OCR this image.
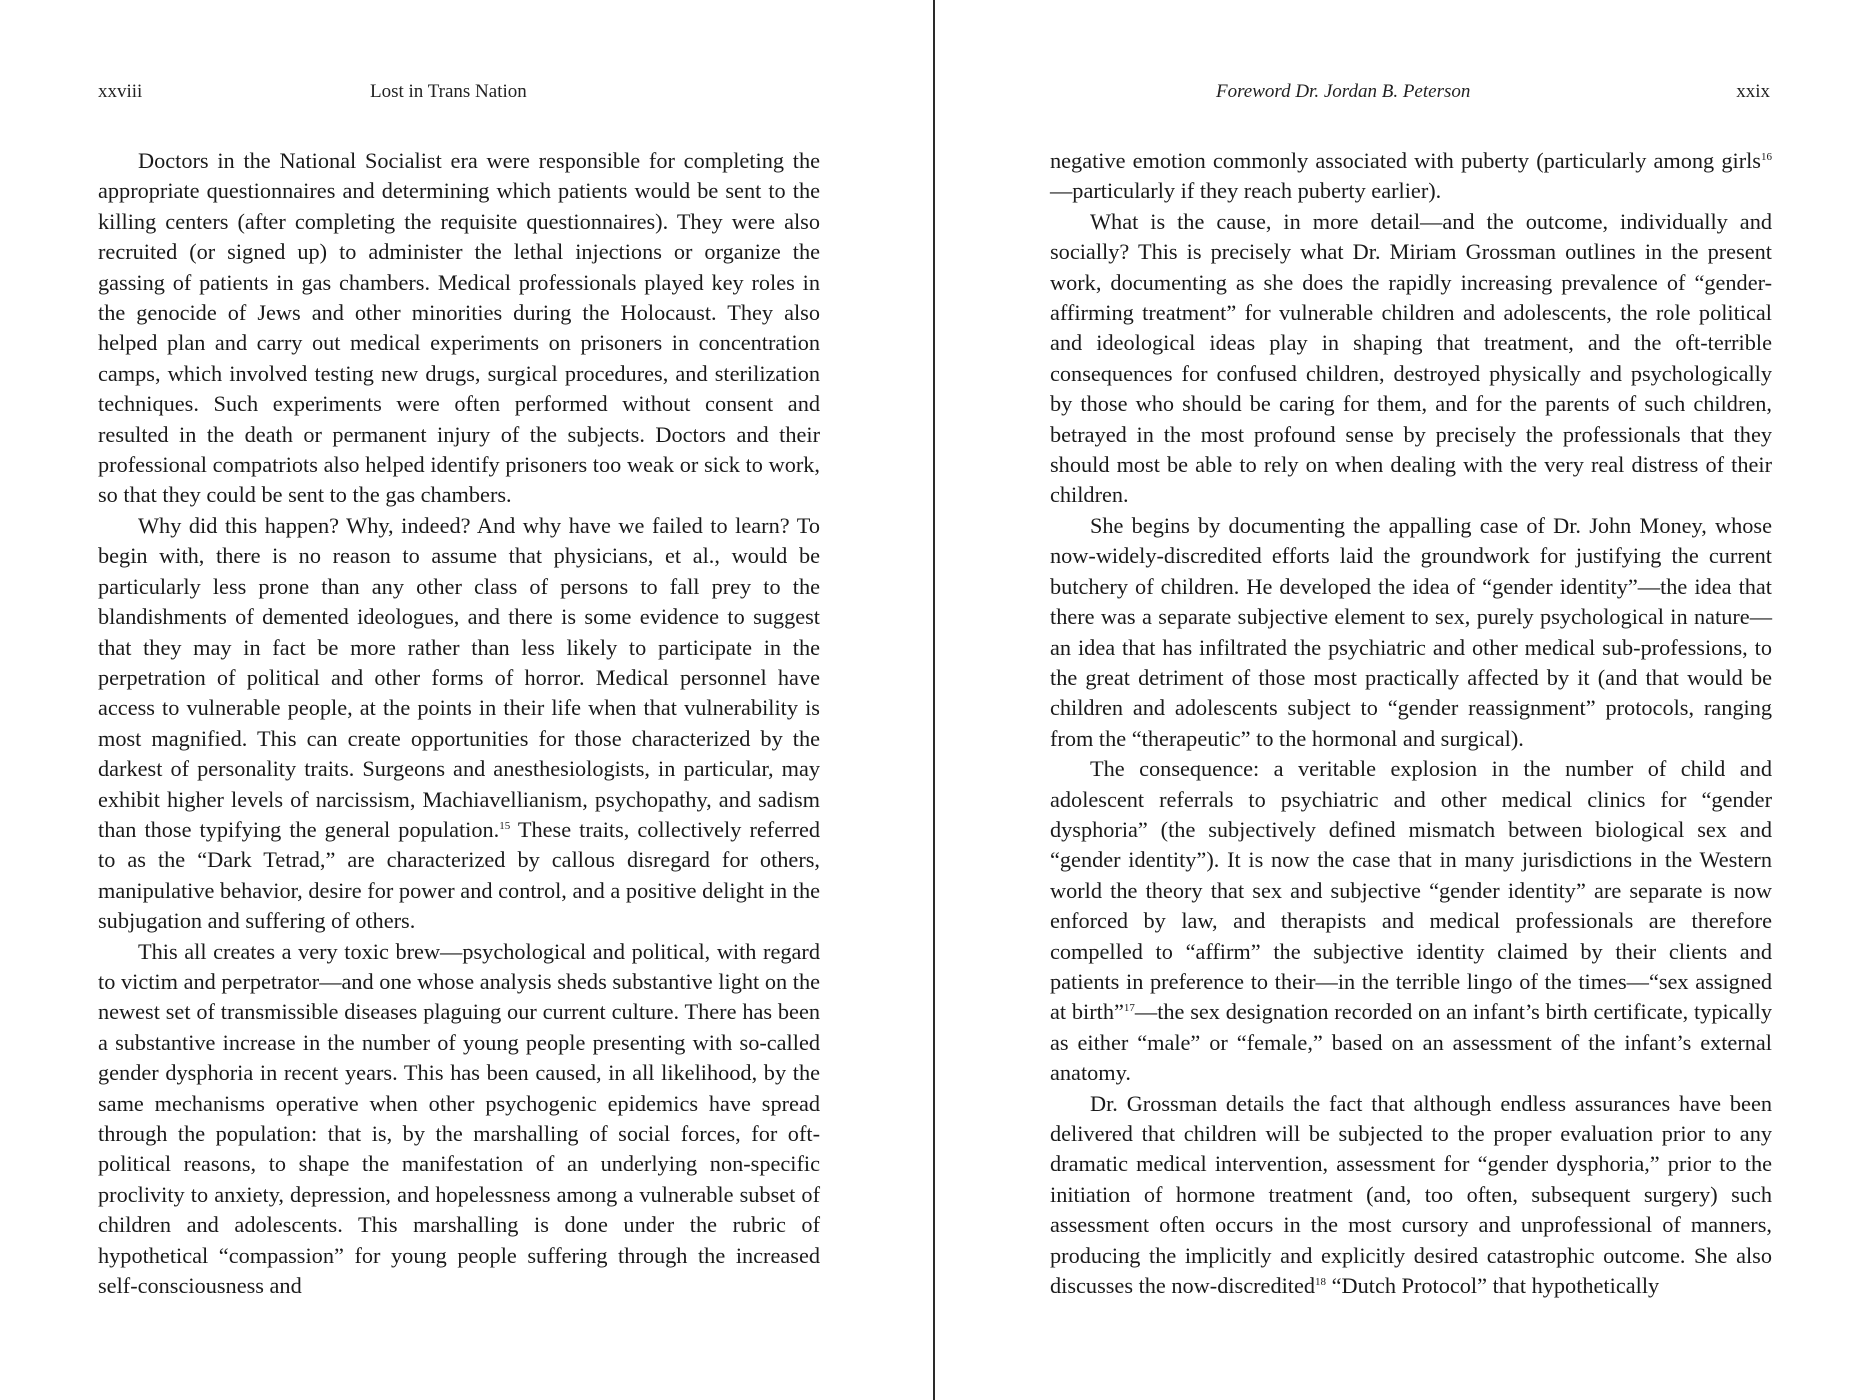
xxviii	Lost in Trans Nation

Doctors in the National Socialist era were responsible for completing the appropriate questionnaires and determining which patients would be sent to the killing centers (after completing the requisite questionnaires). They were also recruited (or signed up) to administer the lethal injections or organize the gassing of patients in gas chambers. Medical professionals played key roles in the genocide of Jews and other minorities during the Holocaust. They also helped plan and carry out medical experiments on prisoners in concentration camps, which involved testing new drugs, surgical procedures, and sterilization techniques. Such experiments were often performed without consent and resulted in the death or permanent injury of the subjects. Doctors and their professional compatriots also helped identify prisoners too weak or sick to work, so that they could be sent to the gas chambers.

Why did this happen? Why, indeed? And why have we failed to learn? To begin with, there is no reason to assume that physicians, et al., would be particularly less prone than any other class of persons to fall prey to the blandishments of demented ideologues, and there is some evidence to suggest that they may in fact be more rather than less likely to participate in the perpetration of political and other forms of horror. Medical personnel have access to vulnerable people, at the points in their life when that vulnerability is most magnified. This can create opportunities for those characterized by the darkest of personality traits. Surgeons and anesthesiologists, in particular, may exhibit higher levels of narcissism, Machiavellianism, psychopathy, and sadism than those typifying the general population.$^{15}$ These traits, collectively referred to as the “Dark Tetrad,” are characterized by callous disregard for others, manipulative behavior, desire for power and control, and a positive delight in the subjugation and suffering of others.

This all creates a very toxic brew—psychological and political, with regard to victim and perpetrator—and one whose analysis sheds substantive light on the newest set of transmissible diseases plaguing our current culture. There has been a substantive increase in the number of young people presenting with so-called gender dysphoria in recent years. This has been caused, in all likelihood, by the same mechanisms operative when other psychogenic epidemics have spread through the population: that is, by the marshalling of social forces, for oft-political reasons, to shape the manifestation of an underlying non-specific proclivity to anxiety, depression, and hopelessness among a vulnerable subset of children and adolescents. This marshalling is done under the rubric of hypothetical “compassion” for young people suffering through the increased self-consciousness and

Foreword Dr. Jordan B. Peterson	xxix

negative emotion commonly associated with puberty (particularly among girls$^{16}$—particularly if they reach puberty earlier).

What is the cause, in more detail—and the outcome, individually and socially? This is precisely what Dr. Miriam Grossman outlines in the present work, documenting as she does the rapidly increasing prevalence of “gender-affirming treatment” for vulnerable children and adolescents, the role political and ideological ideas play in shaping that treatment, and the oft-terrible consequences for confused children, destroyed physically and psychologically by those who should be caring for them, and for the parents of such children, betrayed in the most profound sense by precisely the professionals that they should most be able to rely on when dealing with the very real distress of their children.

She begins by documenting the appalling case of Dr. John Money, whose now-widely-discredited efforts laid the groundwork for justifying the current butchery of children. He developed the idea of “gender identity”—the idea that there was a separate subjective element to sex, purely psychological in nature—an idea that has infiltrated the psychiatric and other medical sub-professions, to the great detriment of those most practically affected by it (and that would be children and adolescents subject to “gender reassignment” protocols, ranging from the “therapeutic” to the hormonal and surgical).

The consequence: a veritable explosion in the number of child and adolescent referrals to psychiatric and other medical clinics for “gender dysphoria” (the subjectively defined mismatch between biological sex and “gender identity”). It is now the case that in many jurisdictions in the Western world the theory that sex and subjective “gender identity” are separate is now enforced by law, and therapists and medical professionals are therefore compelled to “affirm” the subjective identity claimed by their clients and patients in preference to their—in the terrible lingo of the times—“sex assigned at birth”$^{17}$—the sex designation recorded on an infant’s birth certificate, typically as either “male” or “female,” based on an assessment of the infant’s external anatomy.

Dr. Grossman details the fact that although endless assurances have been delivered that children will be subjected to the proper evaluation prior to any dramatic medical intervention, assessment for “gender dysphoria,” prior to the initiation of hormone treatment (and, too often, subsequent surgery) such assessment often occurs in the most cursory and unprofessional of manners, producing the implicitly and explicitly desired catastrophic outcome. She also discusses the now-discredited$^{18}$ “Dutch Protocol” that hypothetically
